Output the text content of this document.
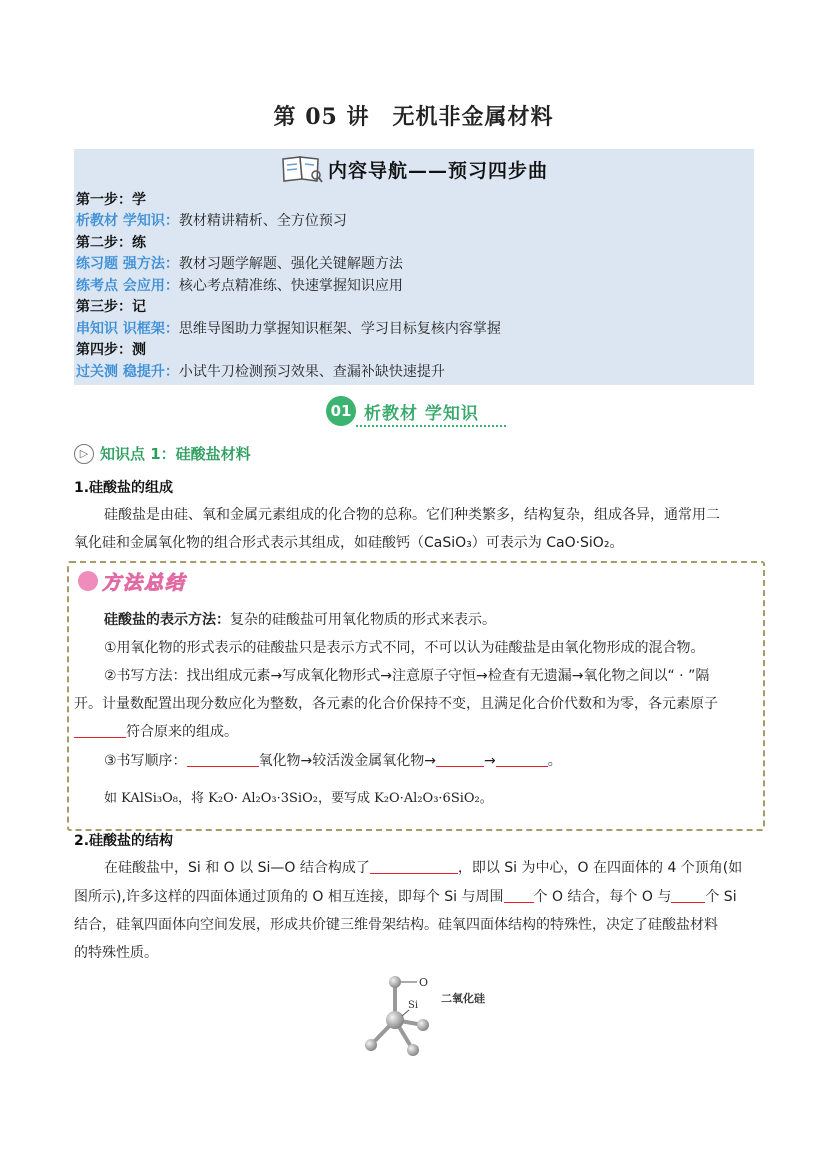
第 05 讲　无机非金属材料
内容导航——预习四步曲
第一步：学
析教材 学知识：教材精讲精析、全方位预习
第二步：练
练习题 强方法：教材习题学解题、强化关键解题方法
练考点 会应用：核心考点精准练、快速掌握知识应用
第三步：记
串知识 识框架：思维导图助力掌握知识框架、学习目标复核内容掌握
第四步：测
过关测 稳提升：小试牛刀检测预习效果、查漏补缺快速提升
01 析教材 学知识
▷ 知识点 1：硅酸盐材料
1.硅酸盐的组成
硅酸盐是由硅、氧和金属元素组成的化合物的总称。它们种类繁多，结构复杂，组成各异，通常用二
氧化硅和金属氧化物的组合形式表示其组成，如硅酸钙（CaSiO₃）可表示为 CaO·SiO₂。
方法总结
硅酸盐的表示方法：复杂的硅酸盐可用氧化物质的形式来表示。
①用氧化物的形式表示的硅酸盐只是表示方式不同，不可以认为硅酸盐是由氧化物形成的混合物。
②书写方法：找出组成元素→写成氧化物形式→注意原子守恒→检查有无遗漏→氧化物之间以“ · ”隔
开。计量数配置出现分数应化为整数，各元素的化合价保持不变，且满足化合价代数和为零，各元素原子
符合原来的组成。
③书写顺序：	氧化物→较活泼金属氧化物→	→	。
如 KAlSi₃O₈，将 K₂O· Al₂O₃·3SiO₂，要写成 K₂O·Al₂O₃·6SiO₂。
2.硅酸盐的结构
在硅酸盐中，Si 和 O 以 Si—O 结合构成了	，即以 Si 为中心，O 在四面体的 4 个顶角(如
图所示),许多这样的四面体通过顶角的 O 相互连接，即每个 Si 与周围 个 O 结合，每个 O 与 个 Si
结合，硅氧四面体向空间发展，形成共价键三维骨架结构。硅氧四面体结构的特殊性，决定了硅酸盐材料
的特殊性质。
O
Si
二氧化硅
